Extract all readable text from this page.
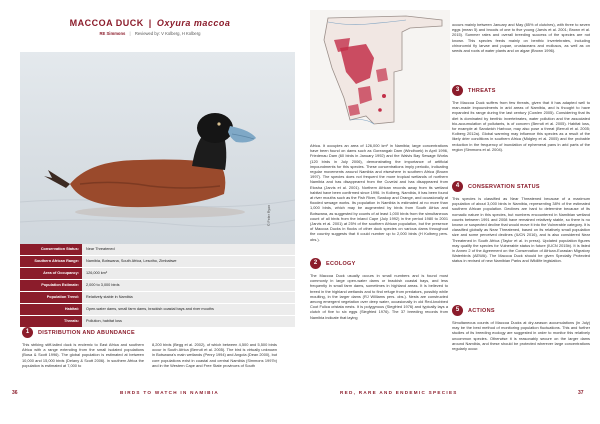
MACCOA DUCK | Oxyura maccoa
RE Simmons | Reviewed by: V Kolberg, H Kolberg
© Peter Ryan
Conservation Status:	Near Threatened
Southern African Range:	Namibia, Botswana, South Africa, Lesotho, Zimbabwe
Area of Occupancy:	126,000 km²
Population Estimate:	2,000 to 3,000 birds
Population Trend:	Relatively stable in Namibia
Habitat:	Open-water dams, small farm dams, brackish coastal bays and river mouths
Threats:	Pollution, habitat loss
1	DISTRIBUTION AND ABUNDANCE
This striking stiff-tailed duck is endemic to East Africa and southern Africa with a range extending from the small isolated populations (Bosa & Scott 1996). The global population is estimated at between 10,000 and 15,000 birds (Delany & Scott 2006). In southern Africa the population is estimated at 7,000 to
8,200 birds (Begg et al. 2002), of which between 4,500 and 5,500 birds occur in South Africa (Berruti et al. 2005). The bird is virtually unknown in Botswana's main wetlands (Penry 1994) and Angola (Dean 2000), but core populations exist in coastal and central Namibia (Simmons 1997b) and in the Western Cape and Free State provinces of South
36	BIRDS TO WATCH IN NAMIBIA
Africa. It occupies an area of 126,000 km² in Namibia; large concentrations have been found on dams such as Goreangab Dam (Windhoek) in April 1996, Friedenau Dam (60 birds in January 1992) and the Walvis Bay Sewage Works (120 birds in July 2006), demonstrating the importance of artificial impoundments for this species. These concentrations imply periodic, indicating regular movements around Namibia and elsewhere in southern Africa (Brown 1997). The species does not frequent the more tropical wetlands of northern Namibia and has disappeared from the Cuvelai and has disappeared from Etosha (Jarvis et al. 2001). Northern African records away from its wetland habitat have been confirmed since 1996. In Kolberg, Namibia, it has been found at river mouths such as the Fish River, Swakop and Orange, and occasionally at flooded sewage works. Its population in Namibia is estimated at no more than 1,000 birds, which may be augmented by birds from South Africa and Botswana, as suggested by counts of at least 1,000 birds from the simultaneous count of all birds from the inland Cape (July 1992) in the period 1980 to 2001 (Jarvis et al. 2001) at 25% of the southern African population, but the presence of Maccoa Ducks in flocks of other duck species on various dams throughout the country suggests that it could number up to 2,000 birds (H Kolberg pers. obs.).
2	ECOLOGY
The Maccoa Duck usually occurs in small numbers and is found most commonly in large open-water dams or brackish coastal bays, and less frequently in small farm dams, sometimes in highland areas. It is believed to breed in the highland wetlands and to find refuge from predators, possibly while moulting, in the larger dams (RJ Williams pers. obs.). Nests are constructed among emergent vegetation over deep water, occasionally in old Red-knobbed Coot Fulica cristata nests. It is polygynous (Siegfried 1976) and typically lays a clutch of five to six eggs (Siegfried 1976). The 37 breeding records from Namibia indicate that laying
occurs mainly between January and May (85% of clutches), with three to seven eggs (mean 5) and broods of one to five young (Jarvis et al. 2001; Brown et al. 2015). Summer rates and overall breeding success of the species are not known. This species feeds mainly on benthic invertebrates, including chironomid fly larvae and pupae, crustaceans and molluscs, as well as on seeds and roots of water plants and on algae (Brown 1996).
3	THREATS
The Maccoa Duck suffers from few threats, given that it has adapted well to man-made impoundments in arid areas of Namibia, and is thought to have expanded its range during the last century (Cowlen 2005). Considering that its diet is dominated by benthic invertebrates, water pollution and the associated bio-accumulation of pollutants, is of concern (Berruti et al. 2005). Habitat loss, for example at Sandwich Harbour, may also pose a threat (Berruti et al. 2005; Kolberg 2012a). Global warming may influence this species as a result of the likely drier conditions in southern Africa (Midgley et al. 2005) and the probable reduction in the frequency of inundation of ephemeral pans in arid parts of the region (Simmons et al. 2004).
4	CONSERVATION STATUS
This species is classified as Near Threatened because of a maximum population of about 3,000 birds in Namibia, representing 38% of the estimated southern African population. Declines are hard to determine because of its nomadic nature in this species, but numbers encountered in Namibian wetland counts between 1991 and 2008 have remained relatively stable, so there is no known or suspected decline that would move it into the Vulnerable category. It is classified globally as Near Threatened, based on its relatively small population size and some perceived declines (IUCN 2016), and is also considered Near Threatened in South Africa (Taylor et al. in press). Updated population figures may qualify the species for Vulnerable status in future (IUCN 2015b). It is listed in Annex 2 of the Agreement on the Conservation of African-Eurasian Migratory Waterbirds (AEWA). The Maccoa Duck should be given Specially Protected status in revised of new Namibian Parks and Wildlife legislation.
5	ACTIONS
Simultaneous counts of Maccoa Ducks at dry-season accumulations (in July) may be the best method of monitoring population fluctuations. This and further studies of its breeding ecology are suggested in order to monitor this relatively uncommon species. Otherwise it is reasonably secure on the larger dams around Namibia, and these should be protected wherever large concentrations regularly occur.
RED, RARE AND ENDEMIC SPECIES	37
